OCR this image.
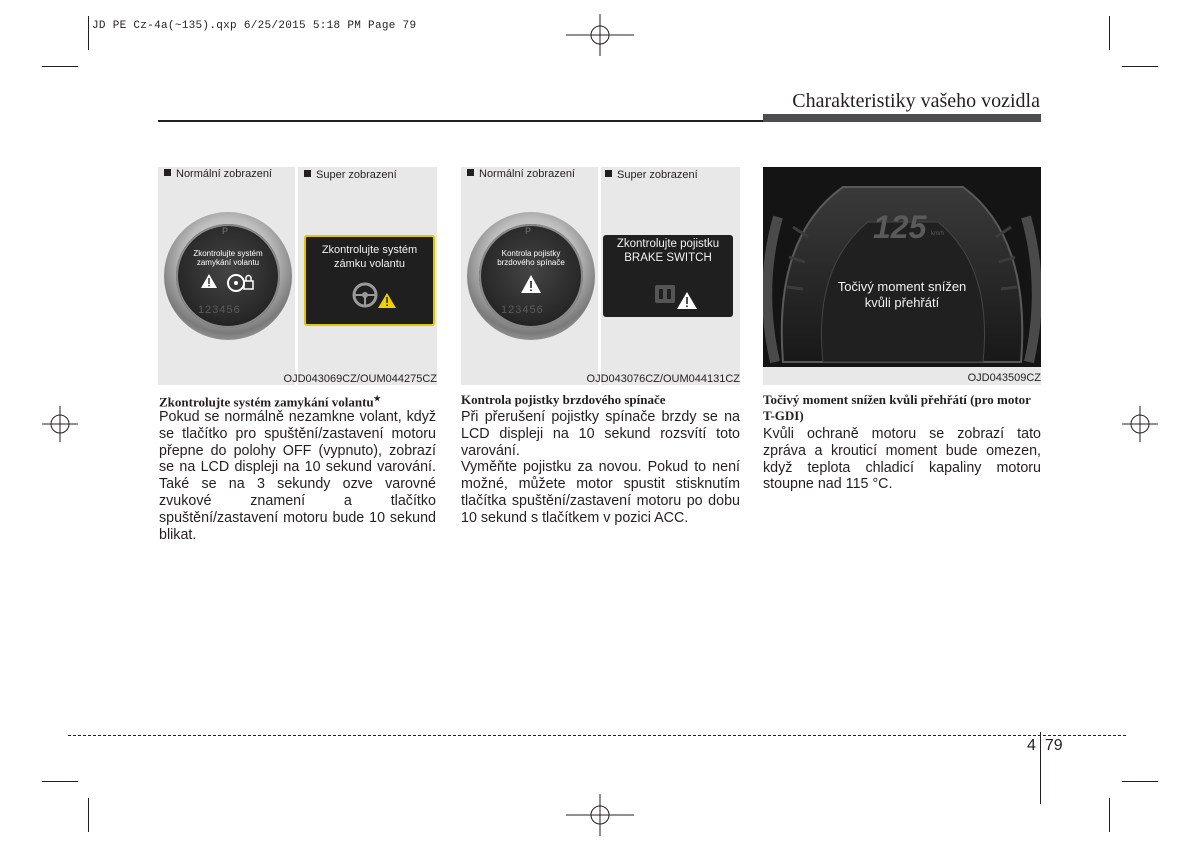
JD PE Cz-4a(~135).qxp 6/25/2015 5:18 PM Page 79
Charakteristiky vašeho vozidla
Normální zobrazení	Super zobrazení
P
Zkontrolujte systém
zamykání volantu
123456
Zkontrolujte systém
zámku volantu
OJD043069CZ/OUM044275CZ
Normální zobrazení	Super zobrazení
P
Kontrola pojistky
brzdového spínače
123456
Zkontrolujte pojistku
BRAKE SWITCH
OJD043076CZ/OUM044131CZ
125 km/h
Točivý moment snížen
kvůli přehřátí
OJD043509CZ
Zkontrolujte systém zamykání volantu★

Pokud se normálně nezamkne volant, když se tlačítko pro spuštění/zastavení motoru přepne do polohy OFF (vypnuto), zobrazí se na LCD displeji na 10 sekund varování. Také se na 3 sekundy ozve varovné zvukové znamení a tlačítko spuštění/zastavení motoru bude 10 sekund blikat.

Kontrola pojistky brzdového spínače

Při přerušení pojistky spínače brzdy se na LCD displeji na 10 sekund rozsvítí toto varování.

Vyměňte pojistku za novou. Pokud to není možné, můžete motor spustit stisknutím tlačítka spuštění/zastavení motoru po dobu 10 sekund s tlačítkem v pozici ACC.

Točivý moment snížen kvůli přehřátí (pro motor T-GDI)

Kvůli ochraně motoru se zobrazí tato zpráva a krouticí moment bude omezen, když teplota chladicí kapaliny motoru stoupne nad 115 °C.

4 79
